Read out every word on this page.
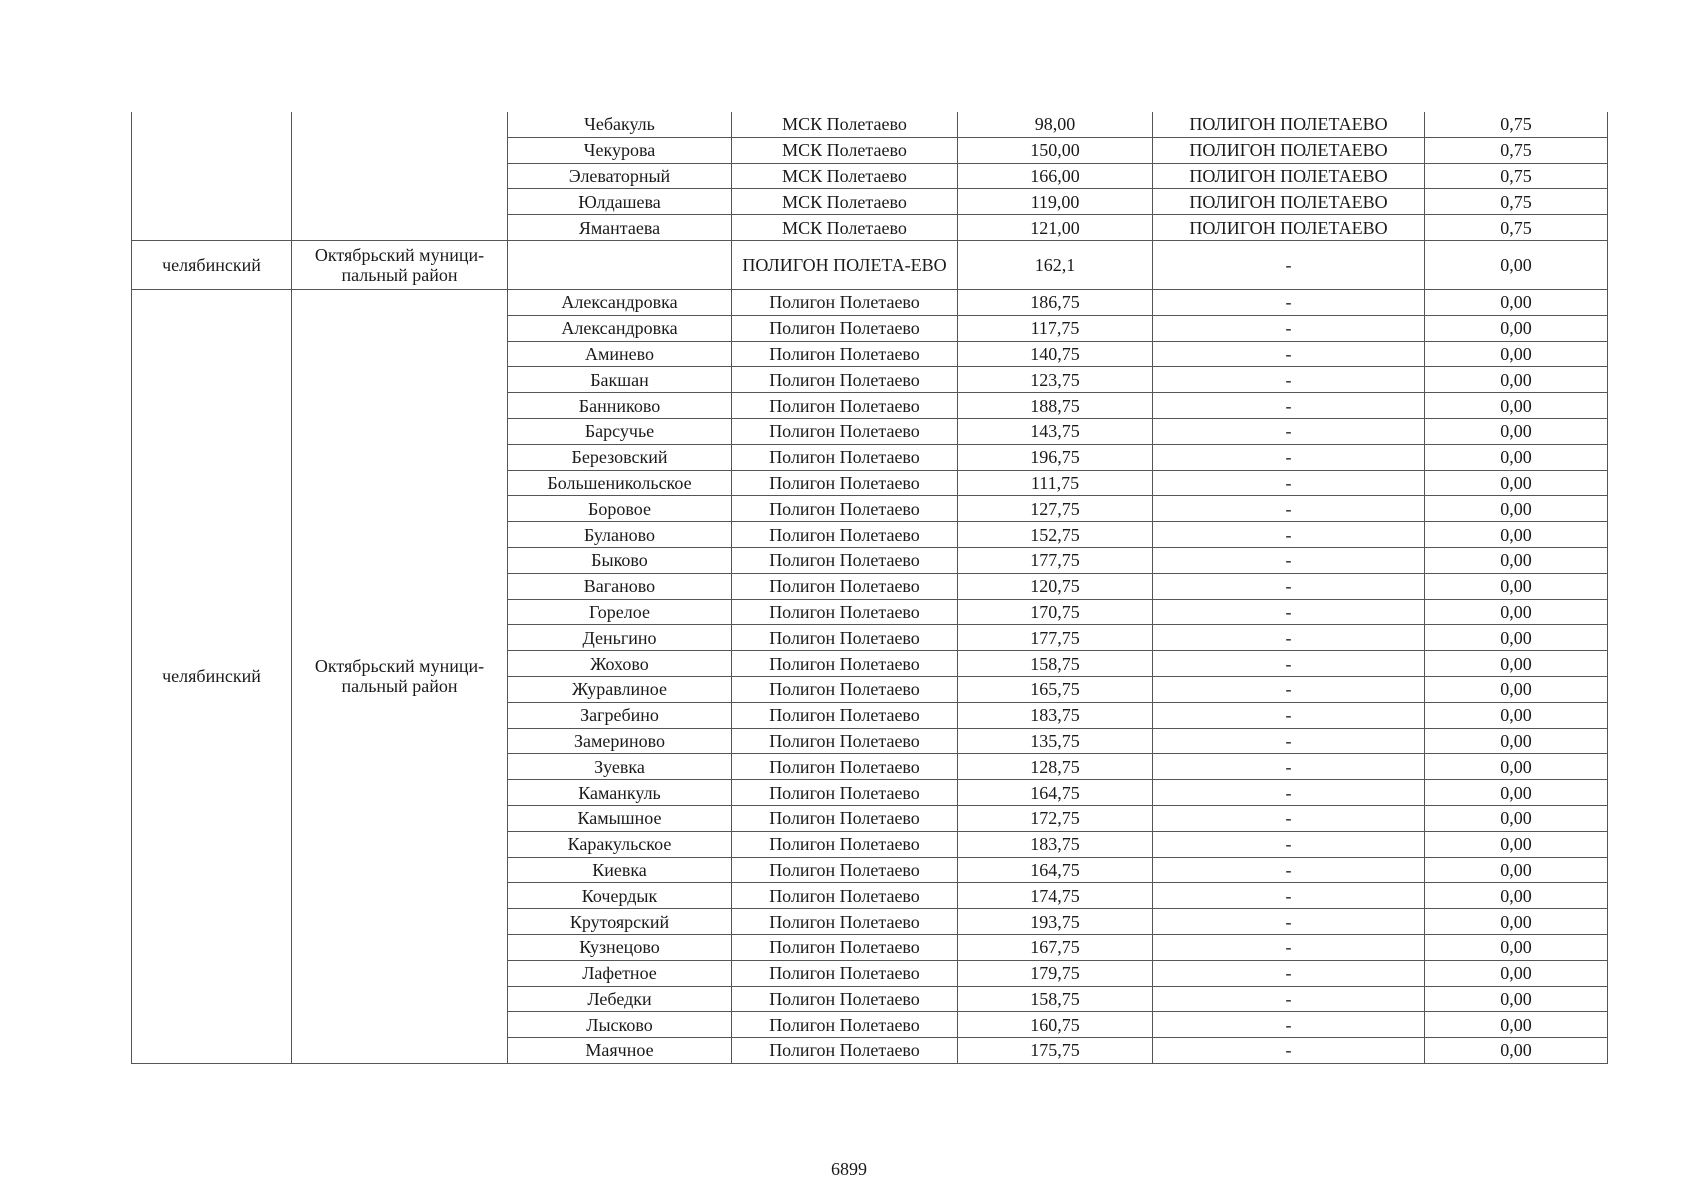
		Чебакуль	МСК Полетаево	98,00	ПОЛИГОН ПОЛЕТАЕВО	0,75
		Чекурова	МСК Полетаево	150,00	ПОЛИГОН ПОЛЕТАЕВО	0,75
		Элеваторный	МСК Полетаево	166,00	ПОЛИГОН ПОЛЕТАЕВО	0,75
		Юлдашева	МСК Полетаево	119,00	ПОЛИГОН ПОЛЕТАЕВО	0,75
		Ямантаева	МСК Полетаево	121,00	ПОЛИГОН ПОЛЕТАЕВО	0,75
челябинский	Октябрьский муници-пальный район		ПОЛИГОН ПОЛЕТА-ЕВО	162,1	-	0,00
челябинский	Октябрьский муници-пальный район	Александровка	Полигон Полетаево	186,75	-	0,00
		Александровка	Полигон Полетаево	117,75	-	0,00
		Аминево	Полигон Полетаево	140,75	-	0,00
		Бакшан	Полигон Полетаево	123,75	-	0,00
		Банниково	Полигон Полетаево	188,75	-	0,00
		Барсучье	Полигон Полетаево	143,75	-	0,00
		Березовский	Полигон Полетаево	196,75	-	0,00
		Большеникольское	Полигон Полетаево	111,75	-	0,00
		Боровое	Полигон Полетаево	127,75	-	0,00
		Буланово	Полигон Полетаево	152,75	-	0,00
		Быково	Полигон Полетаево	177,75	-	0,00
		Ваганово	Полигон Полетаево	120,75	-	0,00
		Горелое	Полигон Полетаево	170,75	-	0,00
		Деньгино	Полигон Полетаево	177,75	-	0,00
		Жохово	Полигон Полетаево	158,75	-	0,00
		Журавлиное	Полигон Полетаево	165,75	-	0,00
		Загребино	Полигон Полетаево	183,75	-	0,00
		Замериново	Полигон Полетаево	135,75	-	0,00
		Зуевка	Полигон Полетаево	128,75	-	0,00
		Каманкуль	Полигон Полетаево	164,75	-	0,00
		Камышное	Полигон Полетаево	172,75	-	0,00
		Каракульское	Полигон Полетаево	183,75	-	0,00
		Киевка	Полигон Полетаево	164,75	-	0,00
		Кочердык	Полигон Полетаево	174,75	-	0,00
		Крутоярский	Полигон Полетаево	193,75	-	0,00
		Кузнецово	Полигон Полетаево	167,75	-	0,00
		Лафетное	Полигон Полетаево	179,75	-	0,00
		Лебедки	Полигон Полетаево	158,75	-	0,00
		Лысково	Полигон Полетаево	160,75	-	0,00
		Маячное	Полигон Полетаево	175,75	-	0,00
6899
